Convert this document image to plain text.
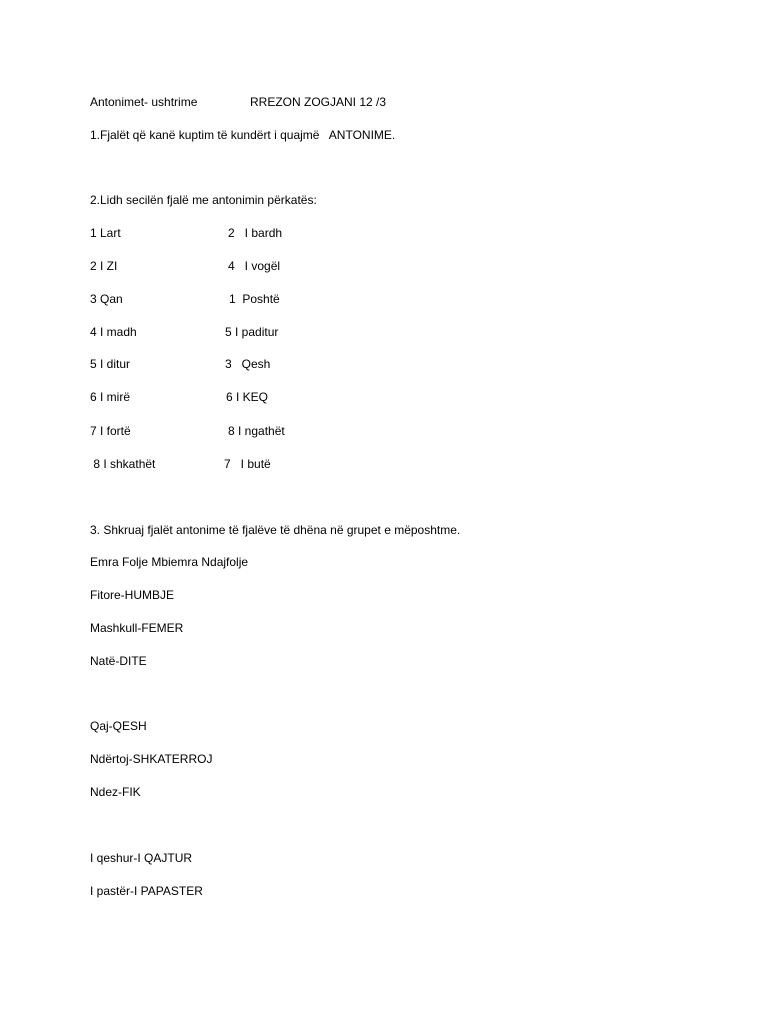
Antonimet- ushtrime	RREZON ZOGJANI 12 /3
1.Fjalët që kanë kuptim të kundërt i quajmë   ANTONIME.
2.Lidh secilën fjalë me antonimin përkatës:
1 Lart	2   I bardh
2 I ZI	4   I vogël
3 Qan	1  Poshtë
4 I madh	5 I paditur
5 I ditur	3   Qesh
6 I mirë	6 I KEQ
7 I fortë	8 I ngathët
8 I shkathët	7   I butë
3. Shkruaj fjalët antonime të fjalëve të dhëna në grupet e mëposhtme.
Emra Folje Mbiemra Ndajfolje
Fitore-HUMBJE
Mashkull-FEMER
Natë-DITE
Qaj-QESH
Ndërtoj-SHKATERROJ
Ndez-FIK
I qeshur-I QAJTUR
I pastër-I PAPASTER
